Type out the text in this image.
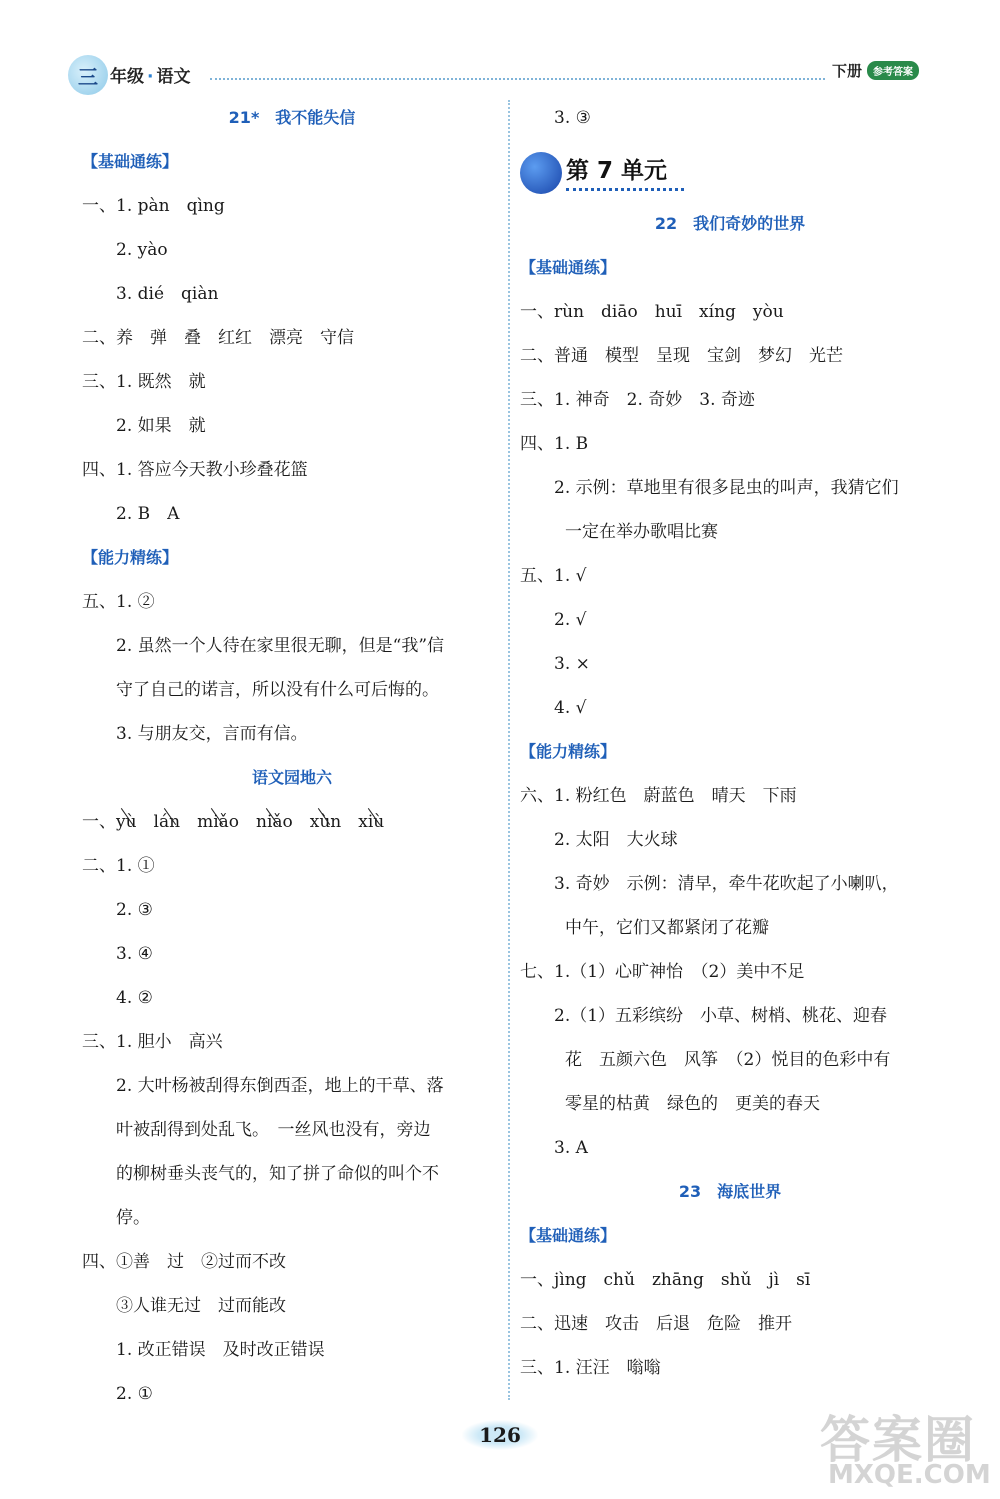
三 年级 · 语文	下册	参考答案
21*　我不能失信
【基础通练】
一、1. pàn　qìng
2. yào
3. dié　qiàn
二、养　弹　叠　红红　漂亮　守信
三、1. 既然　就
2. 如果　就
四、1. 答应今天教小珍叠花篮
2. B　A
【能力精练】
五、1. ②
2. 虽然一个人待在家里很无聊，但是“我”信
守了自己的诺言，所以没有什么可后悔的。
3. 与朋友交，言而有信。
语文园地六
一、yù　lán　miǎo　niǎo　xùn　xiù
二、1. ①
2. ③
3. ④
4. ②
三、1. 胆小　高兴
2. 大叶杨被刮得东倒西歪，地上的干草、落
叶被刮得到处乱飞。　一丝风也没有，旁边
的柳树垂头丧气的，知了拼了命似的叫个不
停。
四、①善　过　②过而不改
③人谁无过　过而能改
1. 改正错误　及时改正错误
2. ①
3. ③
第 7 单元
22　我们奇妙的世界
【基础通练】
一、rùn　diāo　huī　xíng　yòu
二、普通　模型　呈现　宝剑　梦幻　光芒
三、1. 神奇　2. 奇妙　3. 奇迹
四、1. B
2. 示例：草地里有很多昆虫的叫声，我猜它们
一定在举办歌唱比赛
五、1. √
2. √
3. ×
4. √
【能力精练】
六、1. 粉红色　蔚蓝色　晴天　下雨
2. 太阳　大火球
3. 奇妙　示例：清早，牵牛花吹起了小喇叭，
中午，它们又都紧闭了花瓣
七、1.（1）心旷神怡　（2）美中不足
2.（1）五彩缤纷　小草、树梢、桃花、迎春
花　五颜六色　风筝　（2）悦目的色彩中有
零星的枯黄　绿色的　更美的春天
3. A
23　海底世界
【基础通练】
一、jìng　chǔ　zhāng　shǔ　jì　sī
二、迅速　攻击　后退　危险　推开
三、1. 汪汪　嗡嗡
126	答案圈
MXQE.COM
